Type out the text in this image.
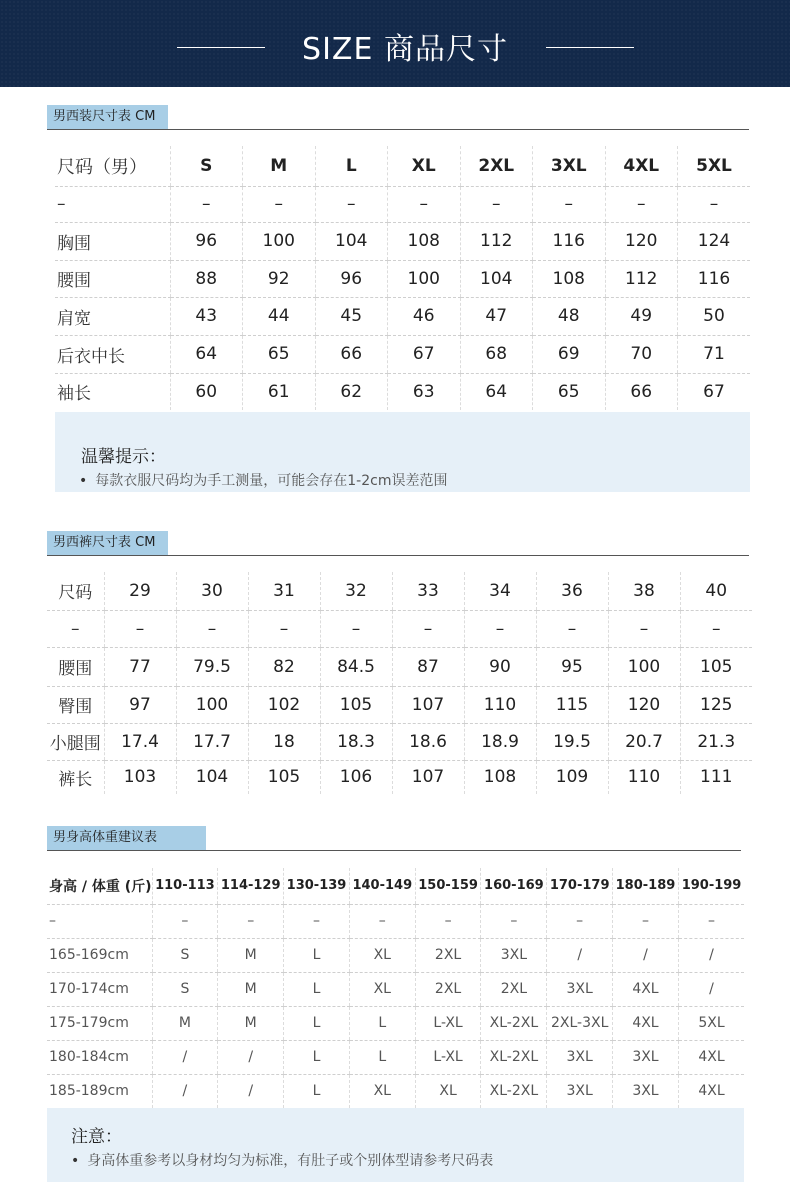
SIZE 商品尺寸
男西装尺寸表 CM
尺码（男）	S	M	L	XL	2XL	3XL	4XL	5XL
–	–	–	–	–	–	–	–	–
胸围	96	100	104	108	112	116	120	124
腰围	88	92	96	100	104	108	112	116
肩宽	43	44	45	46	47	48	49	50
后衣中长	64	65	66	67	68	69	70	71
袖长	60	61	62	63	64	65	66	67
温馨提示：
• 每款衣服尺码均为手工测量，可能会存在1-2cm误差范围
男西裤尺寸表 CM
尺码	29	30	31	32	33	34	36	38	40
–	–	–	–	–	–	–	–	–	–
腰围	77	79.5	82	84.5	87	90	95	100	105
臀围	97	100	102	105	107	110	115	120	125
小腿围	17.4	17.7	18	18.3	18.6	18.9	19.5	20.7	21.3
裤长	103	104	105	106	107	108	109	110	111
男身高体重建议表
身高 / 体重 (斤)	110-113	114-129	130-139	140-149	150-159	160-169	170-179	180-189	190-199
–	–	–	–	–	–	–	–	–	–
165-169cm	S	M	L	XL	2XL	3XL	/	/	/
170-174cm	S	M	L	XL	2XL	2XL	3XL	4XL	/
175-179cm	M	M	L	L	L-XL	XL-2XL	2XL-3XL	4XL	5XL
180-184cm	/	/	L	L	L-XL	XL-2XL	3XL	3XL	4XL
185-189cm	/	/	L	XL	XL	XL-2XL	3XL	3XL	4XL
注意：
• 身高体重参考以身材均匀为标准，有肚子或个别体型请参考尺码表
